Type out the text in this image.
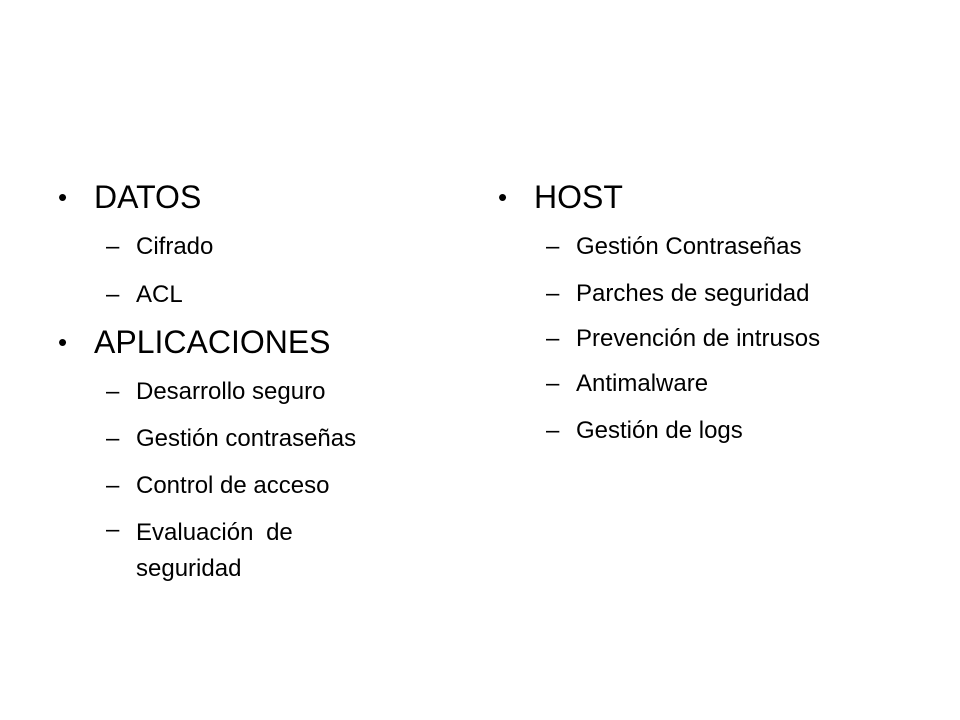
• DATOS
– Cifrado
– ACL
• APLICACIONES
– Desarrollo seguro
– Gestión contraseñas
– Control de acceso
– Evaluación de seguridad
• HOST
– Gestión Contraseñas
– Parches de seguridad
– Prevención de intrusos
– Antimalware
– Gestión de logs
